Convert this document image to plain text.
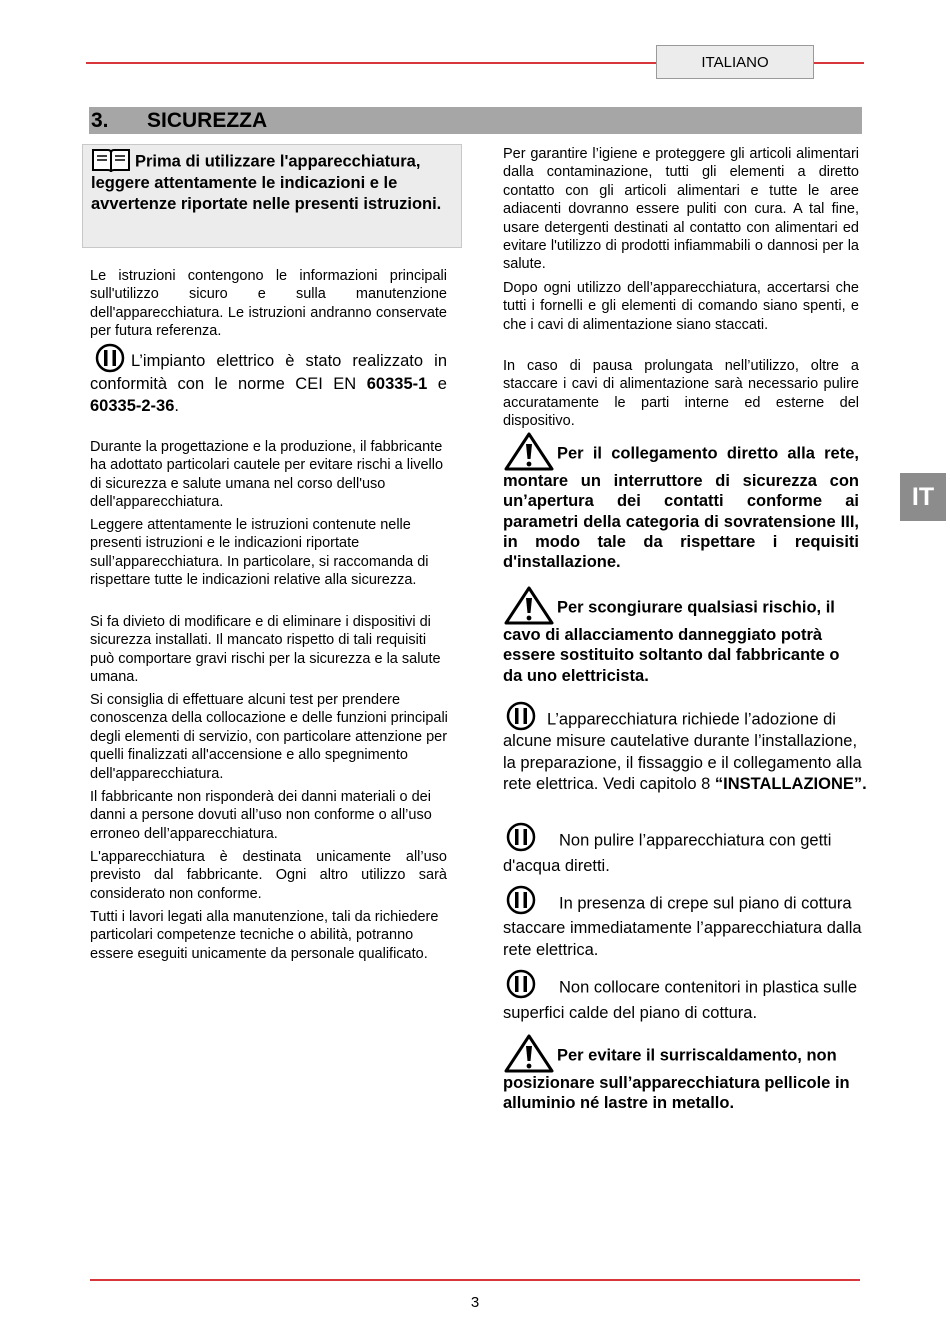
ITALIANO
3. SICUREZZA
IT
Prima di utilizzare l'apparecchiatura, leggere attentamente le indicazioni e le avvertenze riportate nelle presenti istruzioni.
Le istruzioni contengono le informazioni principali sull'utilizzo sicuro e sulla manutenzione dell'apparecchiatura. Le istruzioni andranno conservate per futura referenza.
L’impianto elettrico è stato realizzato in conformità con le norme CEI EN 60335-1 e 60335-2-36.
Durante la progettazione e la produzione, il fabbricante ha adottato particolari cautele per evitare rischi a livello di sicurezza e salute umana nel corso dell'uso dell'apparecchiatura.
Leggere attentamente le istruzioni contenute nelle presenti istruzioni e le indicazioni riportate sull’apparecchiatura. In particolare, si raccomanda di rispettare tutte le indicazioni relative alla sicurezza.
Si fa divieto di modificare e di eliminare i dispositivi di sicurezza installati. Il mancato rispetto di tali requisiti può comportare gravi rischi per la sicurezza e la salute umana.
Si consiglia di effettuare alcuni test per prendere conoscenza della collocazione e delle funzioni principali degli elementi di servizio, con particolare attenzione per quelli finalizzati all'accensione e allo spegnimento dell'apparecchiatura.
Il fabbricante non risponderà dei danni materiali o dei danni a persone dovuti all’uso non conforme o all’uso erroneo dell’apparecchiatura.
L'apparecchiatura è destinata unicamente all’uso previsto dal fabbricante. Ogni altro utilizzo sarà considerato non conforme.
Tutti i lavori legati alla manutenzione, tali da richiedere particolari competenze tecniche o abilità, potranno essere eseguiti unicamente da personale qualificato.
Per garantire l’igiene e proteggere gli articoli alimentari dalla contaminazione, tutti gli elementi a diretto contatto con gli articoli alimentari e tutte le aree adiacenti dovranno essere puliti con cura. A tal fine, usare detergenti destinati al contatto con alimentari ed evitare l'utilizzo di prodotti infiammabili o dannosi per la salute.
Dopo ogni utilizzo dell’apparecchiatura, accertarsi che tutti i fornelli e gli elementi di comando siano spenti, e che i cavi di alimentazione siano staccati.
In caso di pausa prolungata nell’utilizzo, oltre a staccare i cavi di alimentazione sarà necessario pulire accuratamente le parti interne ed esterne del dispositivo.
Per il collegamento diretto alla rete, montare un interruttore di sicurezza con un’apertura dei contatti conforme ai parametri della categoria di sovratensione III, in modo tale da rispettare i requisiti d'installazione.
Per scongiurare qualsiasi rischio, il cavo di allacciamento danneggiato potrà essere sostituito soltanto dal fabbricante o da uno elettricista.
L’apparecchiatura richiede l’adozione di alcune misure cautelative durante l’installazione, la preparazione, il fissaggio e il collegamento alla rete elettrica. Vedi capitolo 8 “INSTALLAZIONE”.
Non pulire l’apparecchiatura con getti d'acqua diretti.
In presenza di crepe sul piano di cottura staccare immediatamente l’apparecchiatura dalla rete elettrica.
Non collocare contenitori in plastica sulle superfici calde del piano di cottura.
Per evitare il surriscaldamento, non posizionare sull’apparecchiatura pellicole in alluminio né lastre in metallo.
3
